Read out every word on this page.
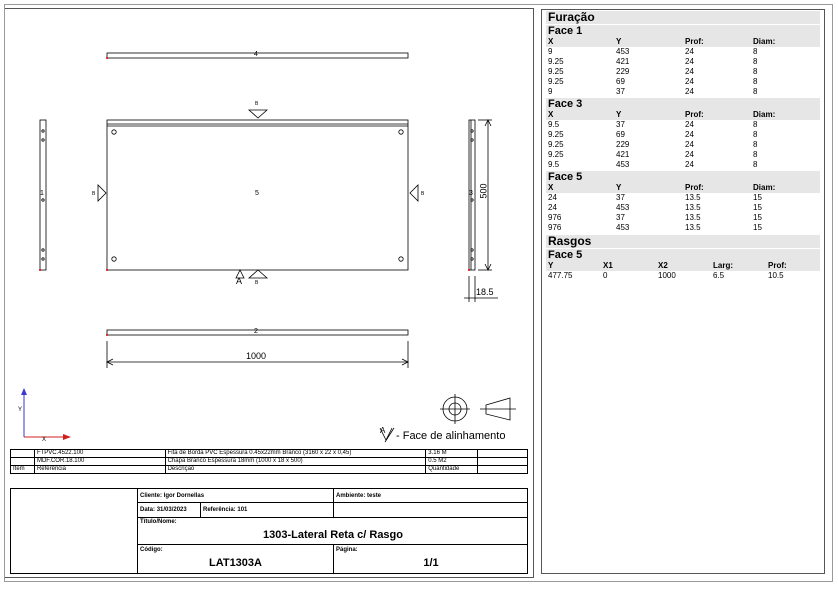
4
5
1	3
2
B
B	B
B
A
1000
500
18.5
Y
X
A - Face de alinhamento
	FTPVC.4522.100	Fita de Borda PVC Espessura 0.45x22mm Branco (3160 x 22 x 0,45)	3.16 M	
	MDF.COR.18.100	Chapa Branco Espessura 18mm (1000 x 18 x 500)	0.5 M2	
Item	Referência	Descrição	Quantidade	
Cliente: Igor Dornellas	Ambiente: teste
Data: 31/03/2023	Referência: 101
Título/Nome:
1303-Lateral Reta c/ Rasgo
Código:
LAT1303A
Página:
1/1
Furação
Face 1
X	Y	Prof:	Diam:
9	453	24	8
9.25	421	24	8
9.25	229	24	8
9.25	69	24	8
9	37	24	8
Face 3
X	Y	Prof:	Diam:
9.5	37	24	8
9.25	69	24	8
9.25	229	24	8
9.25	421	24	8
9.5	453	24	8
Face 5
X	Y	Prof:	Diam:
24	37	13.5	15
24	453	13.5	15
976	37	13.5	15
976	453	13.5	15
Rasgos
Face 5
Y	X1	X2	Larg:	Prof:
477.75	0	1000	6.5	10.5
